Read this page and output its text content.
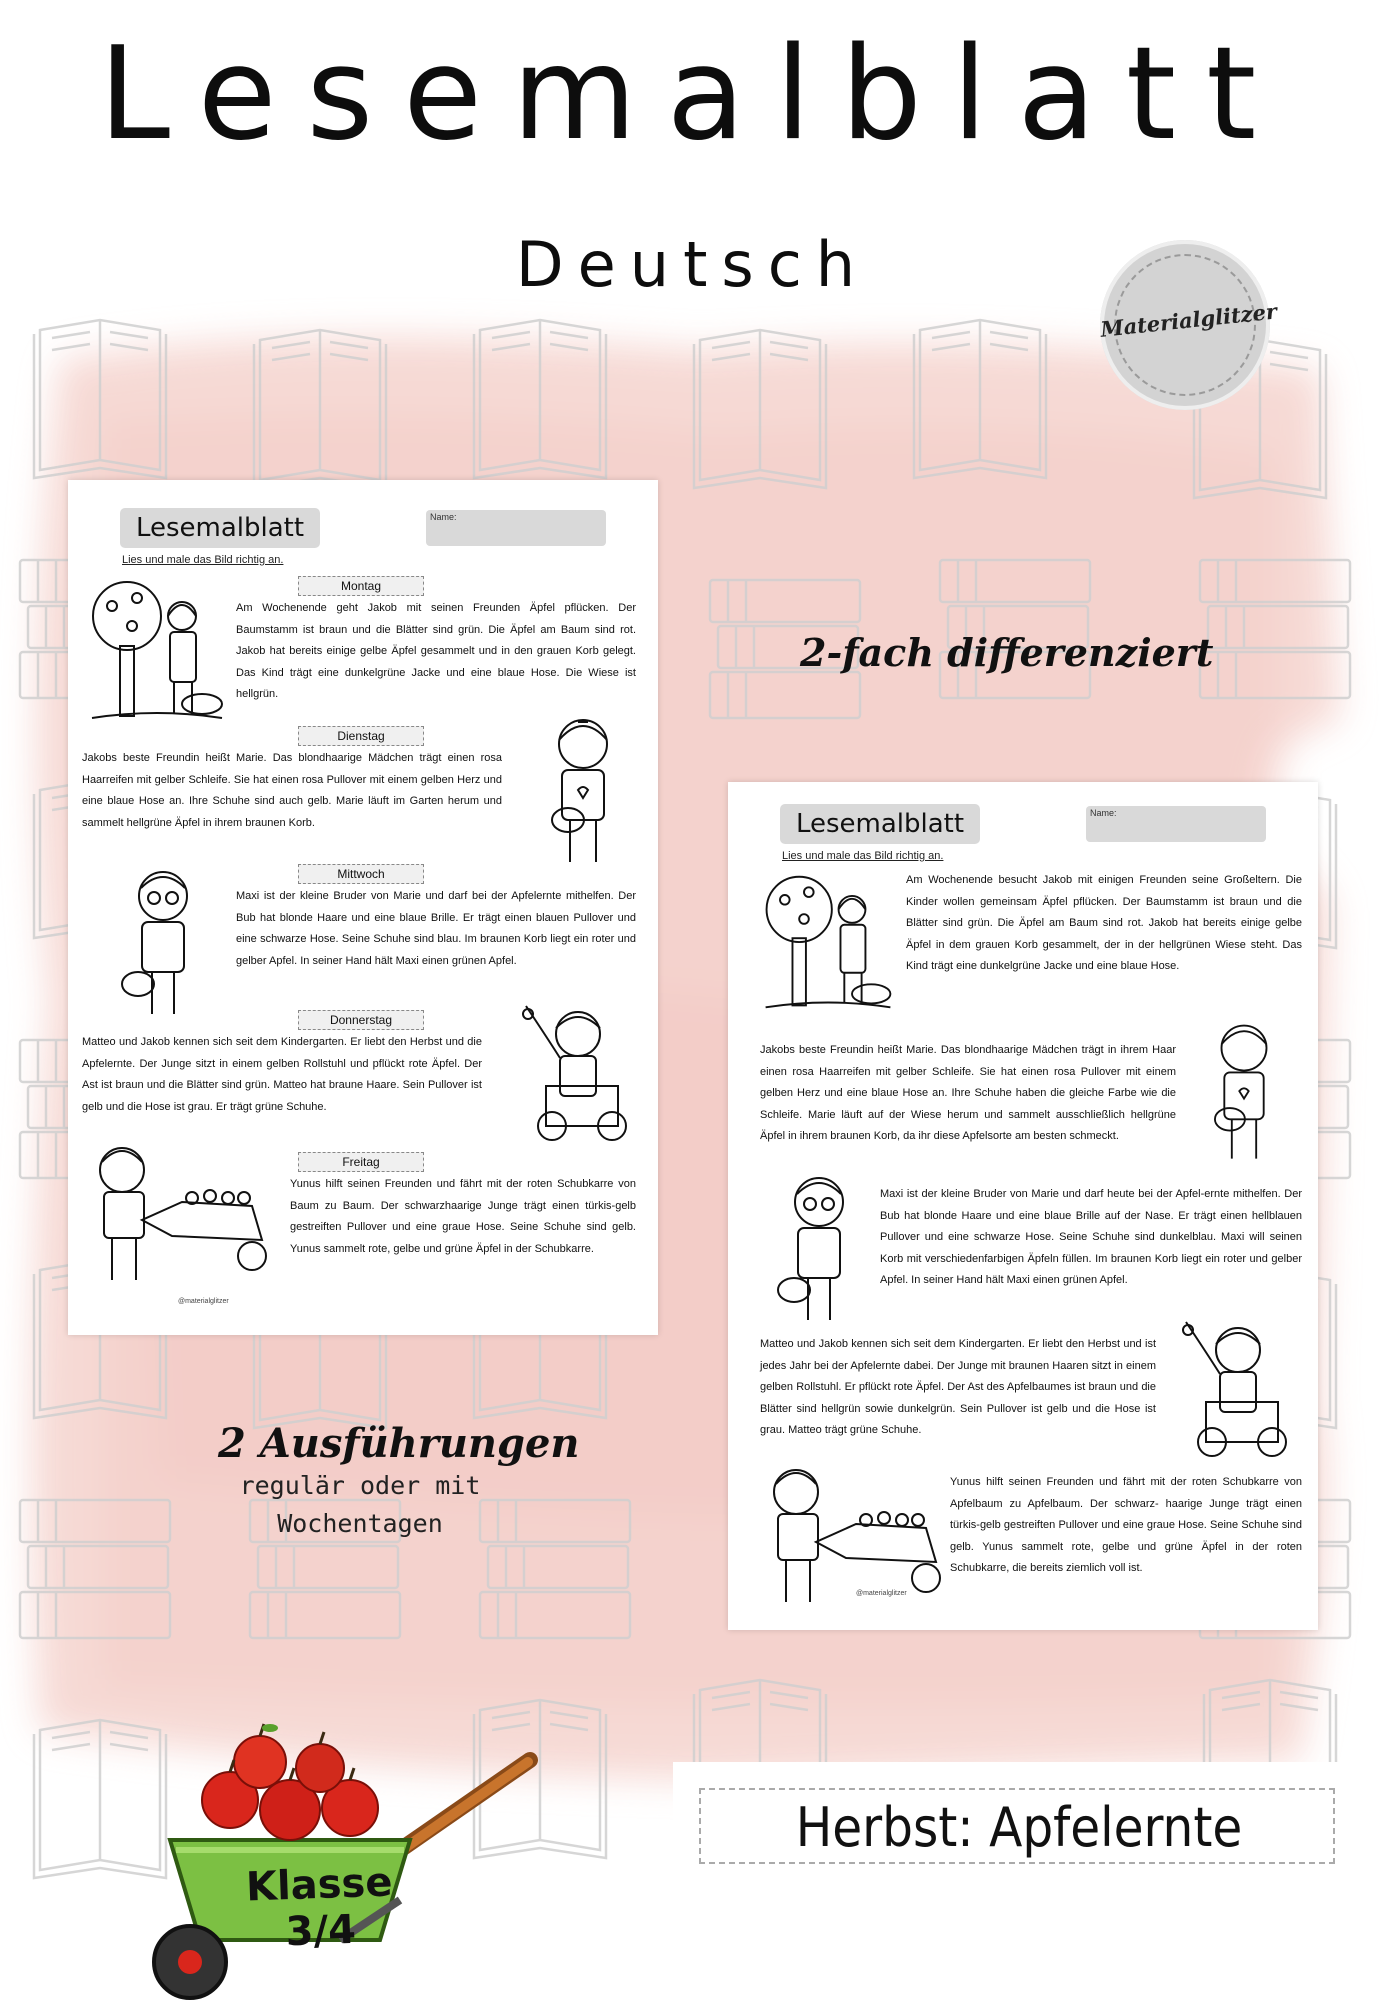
Lesemalblatt
Deutsch
Materialglitzer
Lesemalblatt	Name:
Lies und male das Bild richtig an.
Montag
Am Wochenende geht Jakob mit seinen Freunden Äpfel pflücken. Der Baumstamm ist braun und die Blätter sind grün. Die Äpfel am Baum sind rot. Jakob hat bereits einige gelbe Äpfel gesammelt und in den grauen Korb gelegt. Das Kind trägt eine dunkelgrüne Jacke und eine blaue Hose. Die Wiese ist hellgrün.
Dienstag
Jakobs beste Freundin heißt Marie. Das blondhaarige Mädchen trägt einen rosa Haarreifen mit gelber Schleife. Sie hat einen rosa Pullover mit einem gelben Herz und eine blaue Hose an. Ihre Schuhe sind auch gelb. Marie läuft im Garten herum und sammelt hellgrüne Äpfel in ihrem braunen Korb.
Mittwoch
Maxi ist der kleine Bruder von Marie und darf bei der Apfelernte mithelfen. Der Bub hat blonde Haare und eine blaue Brille. Er trägt einen blauen Pullover und eine schwarze Hose. Seine Schuhe sind blau. Im braunen Korb liegt ein roter und gelber Apfel. In seiner Hand hält Maxi einen grünen Apfel.
Donnerstag
Matteo und Jakob kennen sich seit dem Kindergarten. Er liebt den Herbst und die Apfelernte. Der Junge sitzt in einem gelben Rollstuhl und pflückt rote Äpfel. Der Ast ist braun und die Blätter sind grün. Matteo hat braune Haare. Sein Pullover ist gelb und die Hose ist grau. Er trägt grüne Schuhe.
Freitag
Yunus hilft seinen Freunden und fährt mit der roten Schubkarre von Baum zu Baum. Der schwarzhaarige Junge trägt einen türkis-gelb gestreiften Pullover und eine graue Hose. Seine Schuhe sind gelb. Yunus sammelt rote, gelbe und grüne Äpfel in der Schubkarre.
@materialglitzer
Lesemalblatt	Name:
Lies und male das Bild richtig an.
Am Wochenende besucht Jakob mit einigen Freunden seine Großeltern. Die Kinder wollen gemeinsam Äpfel pflücken. Der Baumstamm ist braun und die Blätter sind grün. Die Äpfel am Baum sind rot. Jakob hat bereits einige gelbe Äpfel in dem grauen Korb gesammelt, der in der hellgrünen Wiese steht. Das Kind trägt eine dunkelgrüne Jacke und eine blaue Hose.
Jakobs beste Freundin heißt Marie. Das blondhaarige Mädchen trägt in ihrem Haar einen rosa Haarreifen mit gelber Schleife. Sie hat einen rosa Pullover mit einem gelben Herz und eine blaue Hose an. Ihre Schuhe haben die gleiche Farbe wie die Schleife. Marie läuft auf der Wiese herum und sammelt ausschließlich hellgrüne Äpfel in ihrem braunen Korb, da ihr diese Apfelsorte am besten schmeckt.
Maxi ist der kleine Bruder von Marie und darf heute bei der Apfel-ernte mithelfen. Der Bub hat blonde Haare und eine blaue Brille auf der Nase. Er trägt einen hellblauen Pullover und eine schwarze Hose. Seine Schuhe sind dunkelblau. Maxi will seinen Korb mit verschiedenfarbigen Äpfeln füllen. Im braunen Korb liegt ein roter und gelber Apfel. In seiner Hand hält Maxi einen grünen Apfel.
Matteo und Jakob kennen sich seit dem Kindergarten. Er liebt den Herbst und ist jedes Jahr bei der Apfelernte dabei. Der Junge mit braunen Haaren sitzt in einem gelben Rollstuhl. Er pflückt rote Äpfel. Der Ast des Apfelbaumes ist braun und die Blätter sind hellgrün sowie dunkelgrün. Sein Pullover ist gelb und die Hose ist grau. Matteo trägt grüne Schuhe.
Yunus hilft seinen Freunden und fährt mit der roten Schubkarre von Apfelbaum zu Apfelbaum. Der schwarz- haarige Junge trägt einen türkis-gelb gestreiften Pullover und eine graue Hose. Seine Schuhe sind gelb. Yunus sammelt rote, gelbe und grüne Äpfel in der roten Schubkarre, die bereits ziemlich voll ist.
@materialglitzer
2-fach differenziert
2 Ausführungen
regulär oder mit
Wochentagen
Herbst: Apfelernte
Klasse 3/4
